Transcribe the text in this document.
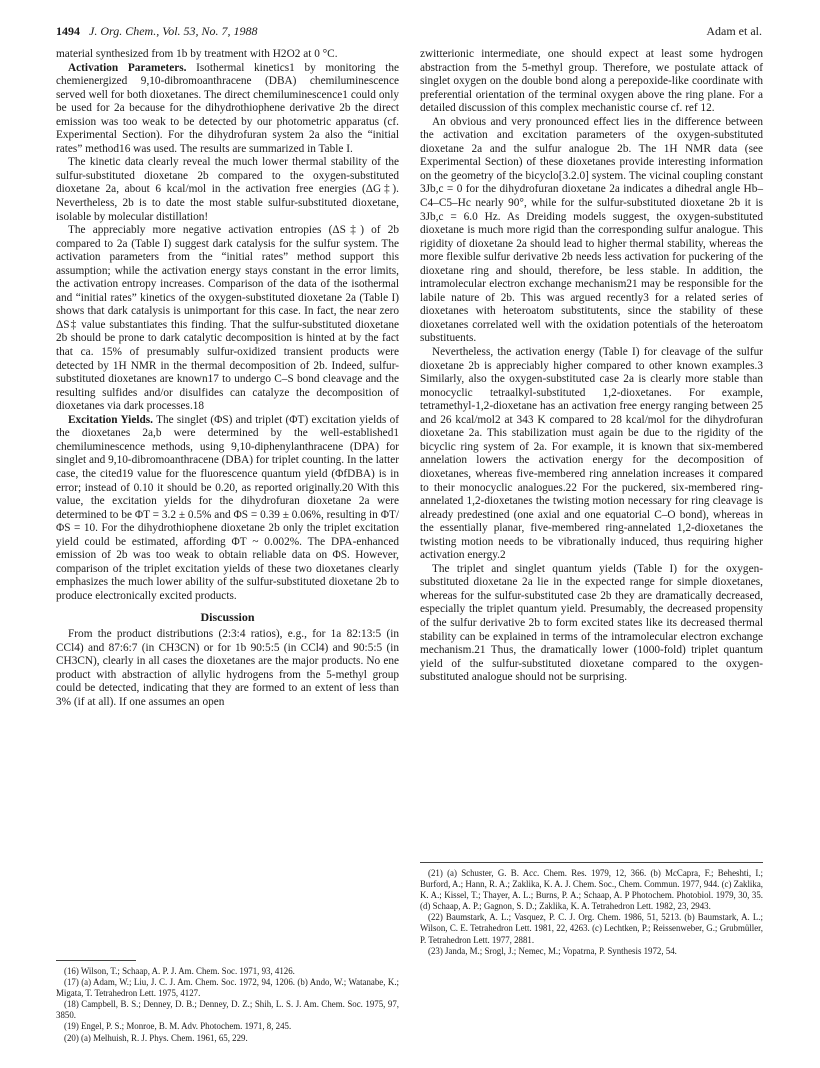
1494 J. Org. Chem., Vol. 53, No. 7, 1988	Adam et al.

material synthesized from 1b by treatment with H2O2 at 0 °C.

Activation Parameters. Isothermal kinetics1 by monitoring the chemienergized 9,10-dibromoanthracene (DBA) chemiluminescence served well for both dioxetanes. The direct chemiluminescence1 could only be used for 2a because for the dihydrothiophene derivative 2b the direct emission was too weak to be detected by our photometric apparatus (cf. Experimental Section). For the dihydrofuran system 2a also the “initial rates” method16 was used. The results are summarized in Table I.

The kinetic data clearly reveal the much lower thermal stability of the sulfur-substituted dioxetane 2b compared to the oxygen-substituted dioxetane 2a, about 6 kcal/mol in the activation free energies (ΔG‡). Nevertheless, 2b is to date the most stable sulfur-substituted dioxetane, isolable by molecular distillation!

The appreciably more negative activation entropies (ΔS‡) of 2b compared to 2a (Table I) suggest dark catalysis for the sulfur system. The activation parameters from the “initial rates” method support this assumption; while the activation energy stays constant in the error limits, the activation entropy increases. Comparison of the data of the isothermal and “initial rates” kinetics of the oxygen-substituted dioxetane 2a (Table I) shows that dark catalysis is unimportant for this case. In fact, the near zero ΔS‡ value substantiates this finding. That the sulfur-substituted dioxetane 2b should be prone to dark catalytic decomposition is hinted at by the fact that ca. 15% of presumably sulfur-oxidized transient products were detected by 1H NMR in the thermal decomposition of 2b. Indeed, sulfur-substituted dioxetanes are known17 to undergo C–S bond cleavage and the resulting sulfides and/or disulfides can catalyze the decomposition of dioxetanes via dark processes.18

Excitation Yields. The singlet (ΦS) and triplet (ΦT) excitation yields of the dioxetanes 2a,b were determined by the well-established1 chemiluminescence methods, using 9,10-diphenylanthracene (DPA) for singlet and 9,10-dibromoanthracene (DBA) for triplet counting. In the latter case, the cited19 value for the fluorescence quantum yield (ΦfDBA) is in error; instead of 0.10 it should be 0.20, as reported originally.20 With this value, the excitation yields for the dihydrofuran dioxetane 2a were determined to be ΦT = 3.2 ± 0.5% and ΦS = 0.39 ± 0.06%, resulting in ΦT/ΦS = 10. For the dihydrothiophene dioxetane 2b only the triplet excitation yield could be estimated, affording ΦT ~ 0.002%. The DPA-enhanced emission of 2b was too weak to obtain reliable data on ΦS. However, comparison of the triplet excitation yields of these two dioxetanes clearly emphasizes the much lower ability of the sulfur-substituted dioxetane 2b to produce electronically excited products.

Discussion

From the product distributions (2:3:4 ratios), e.g., for 1a 82:13:5 (in CCl4) and 87:6:7 (in CH3CN) or for 1b 90:5:5 (in CCl4) and 90:5:5 (in CH3CN), clearly in all cases the dioxetanes are the major products. No ene product with abstraction of allylic hydrogens from the 5-methyl group could be detected, indicating that they are formed to an extent of less than 3% (if at all). If one assumes an open

zwitterionic intermediate, one should expect at least some hydrogen abstraction from the 5-methyl group. Therefore, we postulate attack of singlet oxygen on the double bond along a perepoxide-like coordinate with preferential orientation of the terminal oxygen above the ring plane. For a detailed discussion of this complex mechanistic course cf. ref 12.

An obvious and very pronounced effect lies in the difference between the activation and excitation parameters of the oxygen-substituted dioxetane 2a and the sulfur analogue 2b. The 1H NMR data (see Experimental Section) of these dioxetanes provide interesting information on the geometry of the bicyclo[3.2.0] system. The vicinal coupling constant 3Jb,c = 0 for the dihydrofuran dioxetane 2a indicates a dihedral angle Hb–C4–C5–Hc nearly 90°, while for the sulfur-substituted dioxetane 2b it is 3Jb,c = 6.0 Hz. As Dreiding models suggest, the oxygen-substituted dioxetane is much more rigid than the corresponding sulfur analogue. This rigidity of dioxetane 2a should lead to higher thermal stability, whereas the more flexible sulfur derivative 2b needs less activation for puckering of the dioxetane ring and should, therefore, be less stable. In addition, the intramolecular electron exchange mechanism21 may be responsible for the labile nature of 2b. This was argued recently3 for a related series of dioxetanes with heteroatom substitutents, since the stability of these dioxetanes correlated well with the oxidation potentials of the heteroatom substituents.

Nevertheless, the activation energy (Table I) for cleavage of the sulfur dioxetane 2b is appreciably higher compared to other known examples.3 Similarly, also the oxygen-substituted case 2a is clearly more stable than monocyclic tetraalkyl-substituted 1,2-dioxetanes. For example, tetramethyl-1,2-dioxetane has an activation free energy ranging between 25 and 26 kcal/mol2 at 343 K compared to 28 kcal/mol for the dihydrofuran dioxetane 2a. This stabilization must again be due to the rigidity of the bicyclic ring system of 2a. For example, it is known that six-membered annelation lowers the activation energy for the decomposition of dioxetanes, whereas five-membered ring annelation increases it compared to their monocyclic analogues.22 For the puckered, six-membered ring-annelated 1,2-dioxetanes the twisting motion necessary for ring cleavage is already predestined (one axial and one equatorial C–O bond), whereas in the essentially planar, five-membered ring-annelated 1,2-dioxetanes the twisting motion needs to be vibrationally induced, thus requiring higher activation energy.2

The triplet and singlet quantum yields (Table I) for the oxygen-substituted dioxetane 2a lie in the expected range for simple dioxetanes, whereas for the sulfur-substituted case 2b they are dramatically decreased, especially the triplet quantum yield. Presumably, the decreased propensity of the sulfur derivative 2b to form excited states like its decreased thermal stability can be explained in terms of the intramolecular electron exchange mechanism.21 Thus, the dramatically lower (1000-fold) triplet quantum yield of the sulfur-substituted dioxetane compared to the oxygen-substituted analogue should not be surprising.

(16) Wilson, T.; Schaap, A. P. J. Am. Chem. Soc. 1971, 93, 4126.
(17) (a) Adam, W.; Liu, J. C. J. Am. Chem. Soc. 1972, 94, 1206. (b) Ando, W.; Watanabe, K.; Migata, T. Tetrahedron Lett. 1975, 4127.
(18) Campbell, B. S.; Denney, D. B.; Denney, D. Z.; Shih, L. S. J. Am. Chem. Soc. 1975, 97, 3850.
(19) Engel, P. S.; Monroe, B. M. Adv. Photochem. 1971, 8, 245.
(20) (a) Melhuish, R. J. Phys. Chem. 1961, 65, 229.
(21) (a) Schuster, G. B. Acc. Chem. Res. 1979, 12, 366. (b) McCapra, F.; Beheshti, I.; Burford, A.; Hann, R. A.; Zaklika, K. A. J. Chem. Soc., Chem. Commun. 1977, 944. (c) Zaklika, K. A.; Kissel, T.; Thayer, A. L.; Burns, P. A.; Schaap, A. P Photochem. Photobiol. 1979, 30, 35. (d) Schaap, A. P.; Gagnon, S. D.; Zaklika, K. A. Tetrahedron Lett. 1982, 23, 2943.
(22) Baumstark, A. L.; Vasquez, P. C. J. Org. Chem. 1986, 51, 5213. (b) Baumstark, A. L.; Wilson, C. E. Tetrahedron Lett. 1981, 22, 4263. (c) Lechtken, P.; Reissenweber, G.; Grubmüller, P. Tetrahedron Lett. 1977, 2881.
(23) Janda, M.; Srogl, J.; Nemec, M.; Vopatrna, P. Synthesis 1972, 54.
